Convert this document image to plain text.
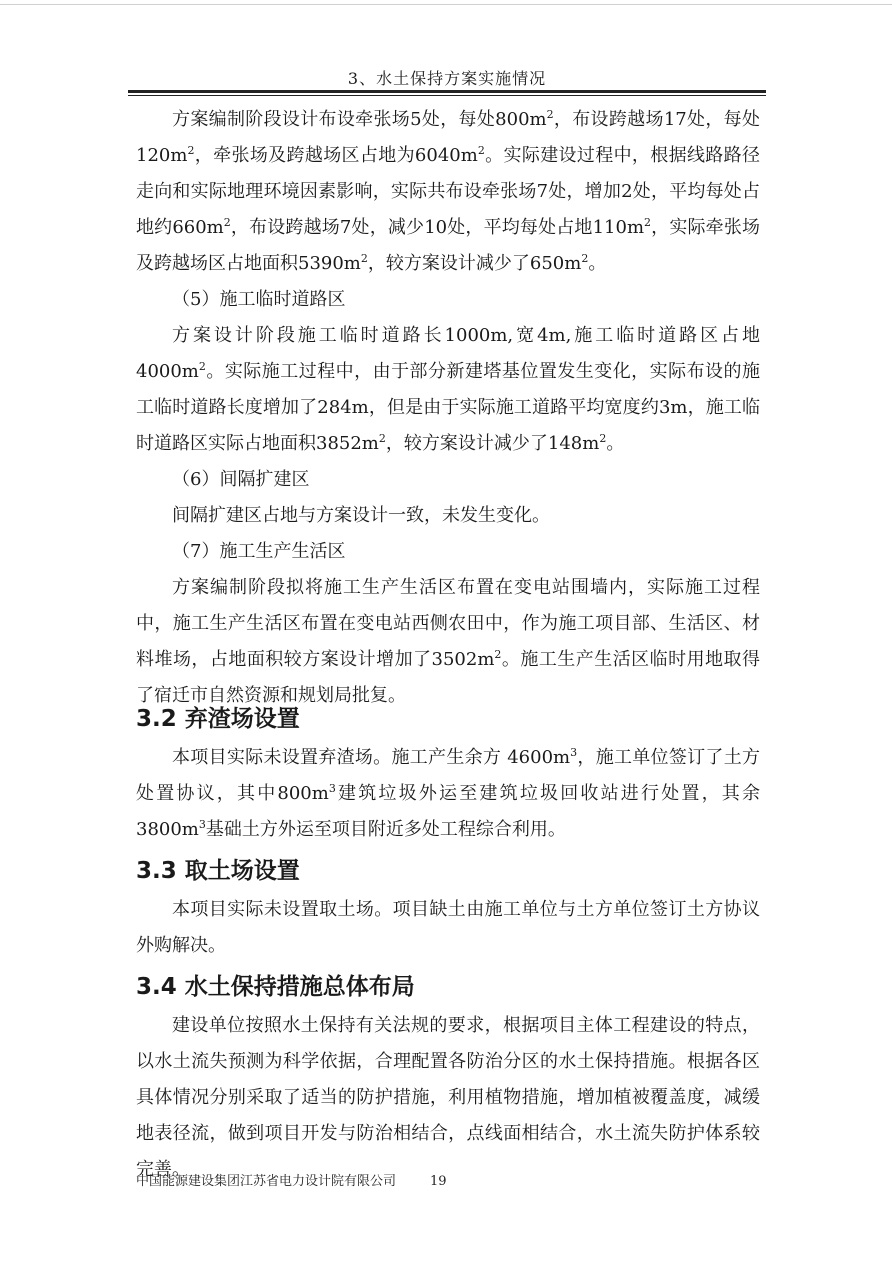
3、水土保持方案实施情况

方案编制阶段设计布设牵张场5处，每处$800m^2$，布设跨越场17处，每处$120m^2$，牵张场及跨越场区占地为$6040m^2$。实际建设过程中，根据线路路径走向和实际地理环境因素影响，实际共布设牵张场7处，增加2处，平均每处占地约$660m^2$，布设跨越场7处，减少10处，平均每处占地$110m^2$，实际牵张场及跨越场区占地面积$5390m^2$，较方案设计减少了$650m^2$。

（5）施工临时道路区

方案设计阶段施工临时道路长1000m,宽4m,施工临时道路区占地$4000m^2$。实际施工过程中，由于部分新建塔基位置发生变化，实际布设的施工临时道路长度增加了284m，但是由于实际施工道路平均宽度约3m，施工临时道路区实际占地面积$3852m^2$，较方案设计减少了$148m^2$。

（6）间隔扩建区

间隔扩建区占地与方案设计一致，未发生变化。

（7）施工生产生活区

方案编制阶段拟将施工生产生活区布置在变电站围墙内，实际施工过程中，施工生产生活区布置在变电站西侧农田中，作为施工项目部、生活区、材料堆场，占地面积较方案设计增加了$3502m^2$。施工生产生活区临时用地取得了宿迁市自然资源和规划局批复。

3.2 弃渣场设置

本项目实际未设置弃渣场。施工产生余方 $4600m^3$，施工单位签订了土方处置协议，其中$800m^3$建筑垃圾外运至建筑垃圾回收站进行处置，其余$3800m^3$基础土方外运至项目附近多处工程综合利用。

3.3 取土场设置

本项目实际未设置取土场。项目缺土由施工单位与土方单位签订土方协议外购解决。

3.4 水土保持措施总体布局

建设单位按照水土保持有关法规的要求，根据项目主体工程建设的特点，以水土流失预测为科学依据，合理配置各防治分区的水土保持措施。根据各区具体情况分别采取了适当的防护措施，利用植物措施，增加植被覆盖度，减缓地表径流，做到项目开发与防治相结合，点线面相结合，水土流失防护体系较完善。

中国能源建设集团江苏省电力设计院有限公司	19
